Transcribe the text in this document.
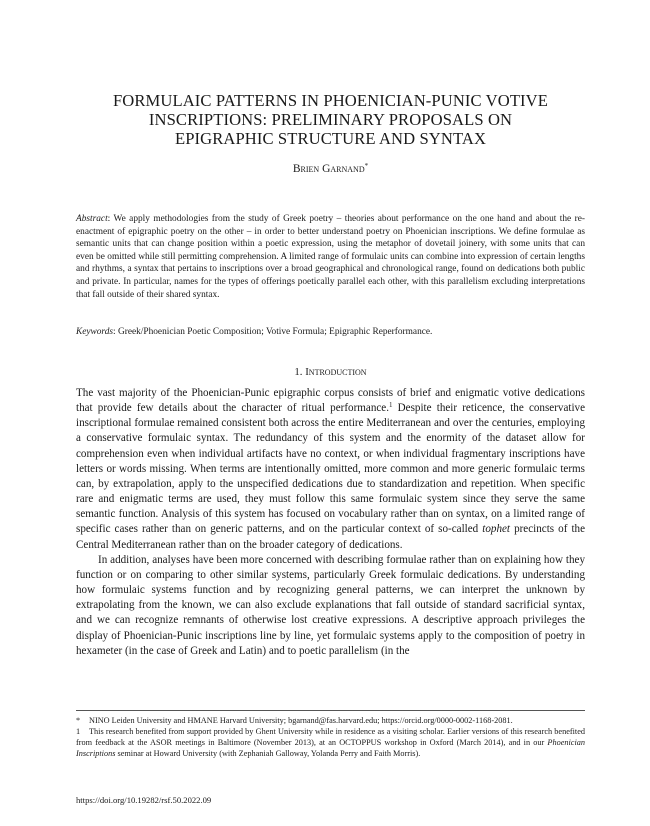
FORMULAIC PATTERNS IN PHOENICIAN-PUNIC VOTIVE
INSCRIPTIONS: PRELIMINARY PROPOSALS ON
EPIGRAPHIC STRUCTURE AND SYNTAX
Brien Garnand*
Abstract: We apply methodologies from the study of Greek poetry – theories about performance on the one hand and about the re-enactment of epigraphic poetry on the other – in order to better understand poetry on Phoenician inscriptions. We define formulae as semantic units that can change position within a poetic expression, using the metaphor of dovetail joinery, with some units that can even be omitted while still permitting comprehension. A limited range of formulaic units can combine into expression of certain lengths and rhythms, a syntax that pertains to inscriptions over a broad geographical and chronological range, found on dedications both public and private. In particular, names for the types of offerings poetically parallel each other, with this parallelism excluding interpretations that fall outside of their shared syntax.
Keywords: Greek/Phoenician Poetic Composition; Votive Formula; Epigraphic Reperformance.
1. Introduction

The vast majority of the Phoenician-Punic epigraphic corpus consists of brief and enigmatic votive dedications that provide few details about the character of ritual performance.$^1$ Despite their reticence, the conservative inscriptional formulae remained consistent both across the entire Mediterranean and over the centuries, employing a conservative formulaic syntax. The redundancy of this system and the enormity of the dataset allow for comprehension even when individual artifacts have no context, or when individual fragmentary inscriptions have letters or words missing. When terms are intentionally omitted, more common and more generic formulaic terms can, by extrapolation, apply to the unspecified dedications due to standardization and repetition. When specific rare and enigmatic terms are used, they must follow this same formulaic system since they serve the same semantic function. Analysis of this system has focused on vocabulary rather than on syntax, on a limited range of specific cases rather than on generic patterns, and on the particular context of so-called tophet precincts of the Central Mediterranean rather than on the broader category of dedications.

In addition, analyses have been more concerned with describing formulae rather than on explaining how they function or on comparing to other similar systems, particularly Greek formulaic dedications. By understanding how formulaic systems function and by recognizing general patterns, we can interpret the unknown by extrapolating from the known, we can also exclude explanations that fall outside of standard sacrificial syntax, and we can recognize remnants of otherwise lost creative expressions. A descriptive approach privileges the display of Phoenician-Punic inscriptions line by line, yet formulaic systems apply to the composition of poetry in hexameter (in the case of Greek and Latin) and to poetic parallelism (in the

* NINO Leiden University and HMANE Harvard University; bgarnand@fas.harvard.edu; https://orcid.org/0000-0002-1168-2081.

1 This research benefited from support provided by Ghent University while in residence as a visiting scholar. Earlier versions of this research benefited from feedback at the ASOR meetings in Baltimore (November 2013), at an OCTOPPUS workshop in Oxford (March 2014), and in our Phoenician Inscriptions seminar at Howard University (with Zephaniah Galloway, Yolanda Perry and Faith Morris).

https://doi.org/10.19282/rsf.50.2022.09
